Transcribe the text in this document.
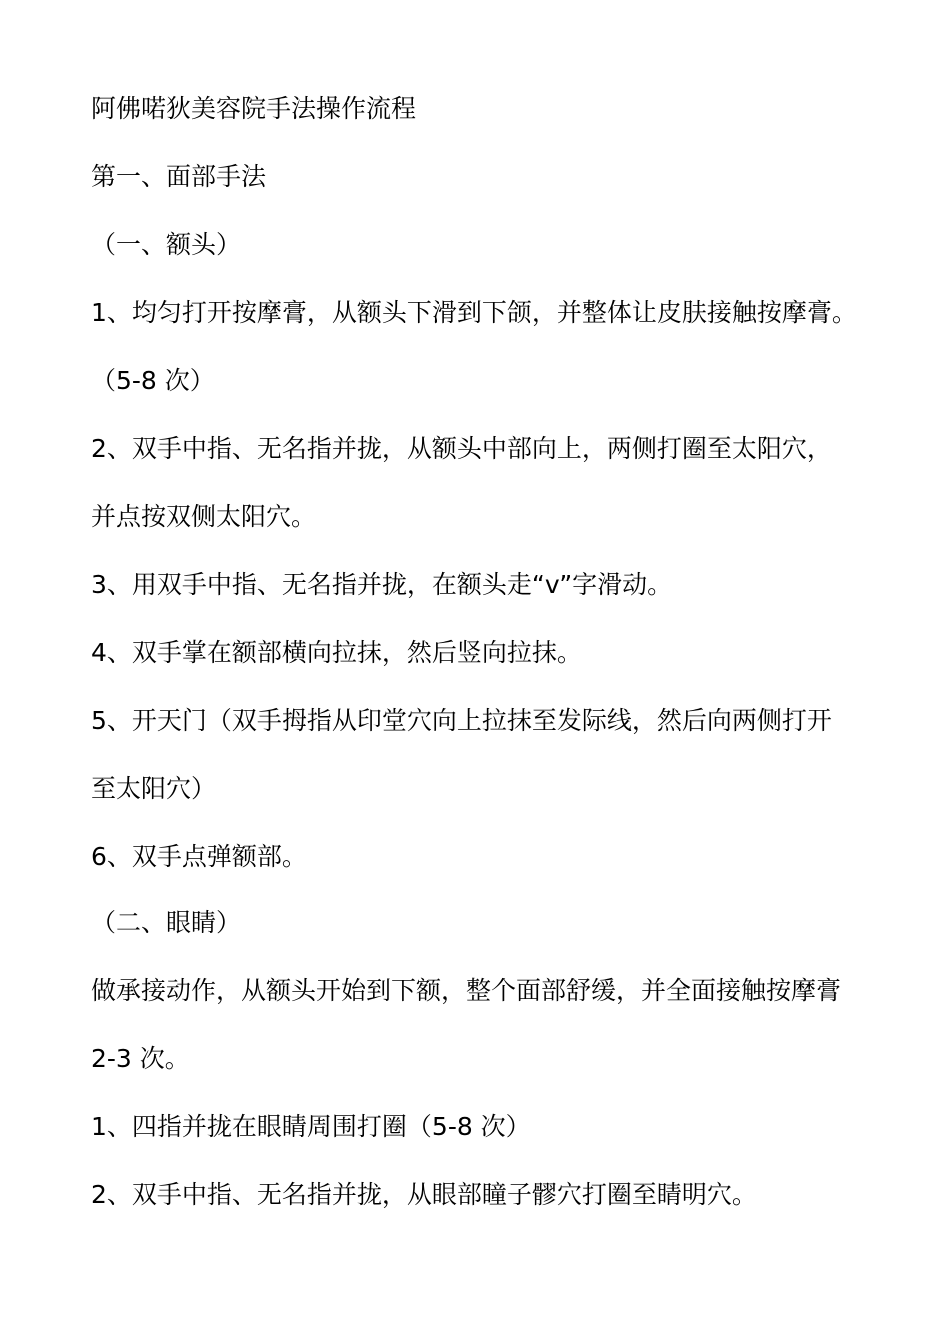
阿佛喏狄美容院手法操作流程
第一、面部手法
（一、额头）
1、均匀打开按摩膏，从额头下滑到下颌，并整体让皮肤接触按摩膏。
（5-8 次）
2、双手中指、无名指并拢，从额头中部向上，两侧打圈至太阳穴，
并点按双侧太阳穴。
3、用双手中指、无名指并拢，在额头走“v”字滑动。
4、双手掌在额部横向拉抹，然后竖向拉抹。
5、开天门（双手拇指从印堂穴向上拉抹至发际线，然后向两侧打开
至太阳穴）
6、双手点弹额部。
（二、眼睛）
做承接动作，从额头开始到下额，整个面部舒缓，并全面接触按摩膏
2-3 次。
1、四指并拢在眼睛周围打圈（5-8 次）
2、双手中指、无名指并拢，从眼部瞳子髎穴打圈至睛明穴。
